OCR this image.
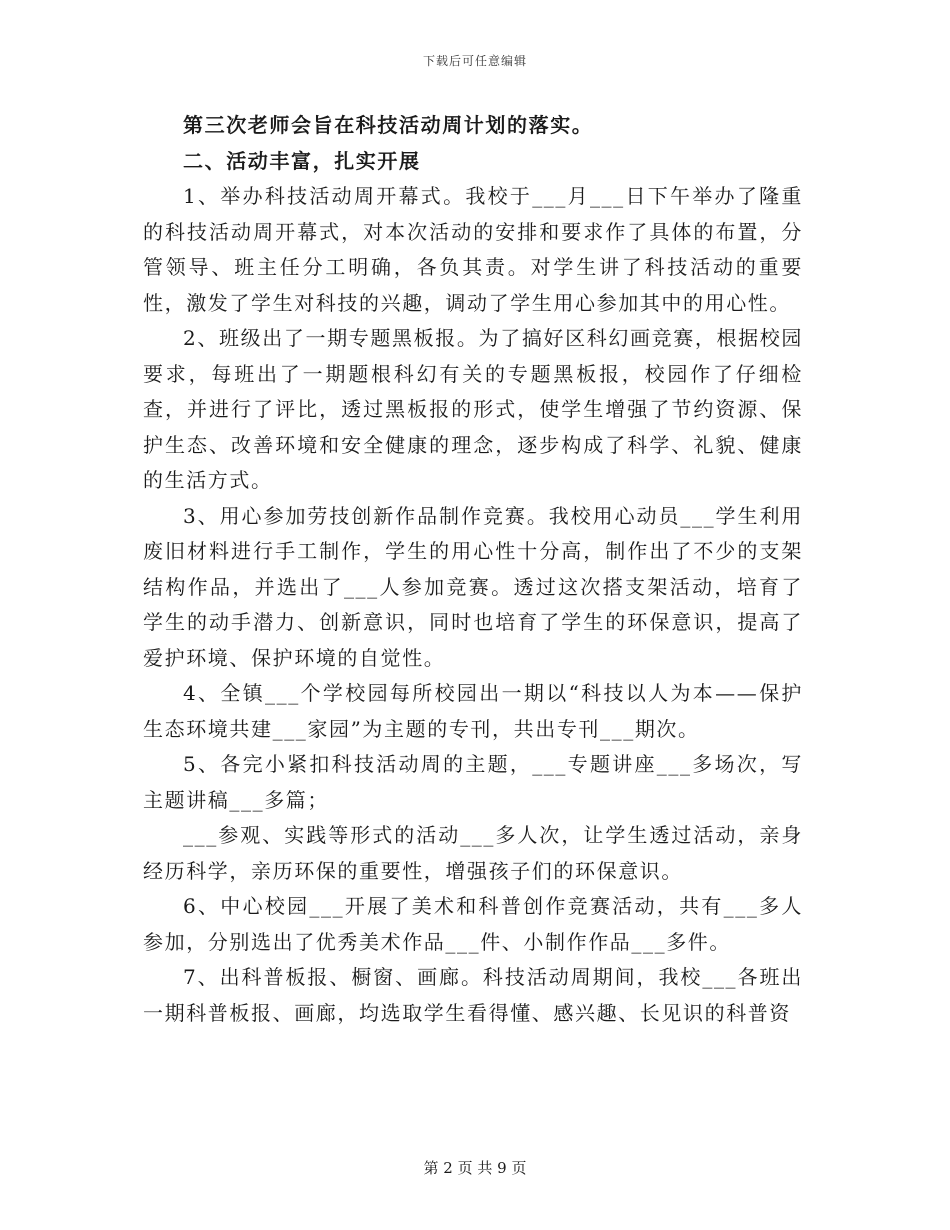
下载后可任意编辑

第三次老师会旨在科技活动周计划的落实。

二、活动丰富，扎实开展

1、举办科技活动周开幕式。我校于___月___日下午举办了隆重的科技活动周开幕式，对本次活动的安排和要求作了具体的布置，分管领导、班主任分工明确，各负其责。对学生讲了科技活动的重要性，激发了学生对科技的兴趣，调动了学生用心参加其中的用心性。

2、班级出了一期专题黑板报。为了搞好区科幻画竞赛，根据校园要求，每班出了一期题根科幻有关的专题黑板报，校园作了仔细检查，并进行了评比，透过黑板报的形式，使学生增强了节约资源、保护生态、改善环境和安全健康的理念，逐步构成了科学、礼貌、健康的生活方式。

3、用心参加劳技创新作品制作竞赛。我校用心动员___学生利用废旧材料进行手工制作，学生的用心性十分高，制作出了不少的支架结构作品，并选出了___人参加竞赛。透过这次搭支架活动，培育了学生的动手潜力、创新意识，同时也培育了学生的环保意识，提高了爱护环境、保护环境的自觉性。

4、全镇___个学校园每所校园出一期以“科技以人为本——保护生态环境共建___家园”为主题的专刊，共出专刊___期次。

5、各完小紧扣科技活动周的主题，___专题讲座___多场次，写主题讲稿___多篇；

___参观、实践等形式的活动___多人次，让学生透过活动，亲身经历科学，亲历环保的重要性，增强孩子们的环保意识。

6、中心校园___开展了美术和科普创作竞赛活动，共有___多人参加，分别选出了优秀美术作品___件、小制作作品___多件。

7、出科普板报、橱窗、画廊。科技活动周期间，我校___各班出一期科普板报、画廊，均选取学生看得懂、感兴趣、长见识的科普资

第 2 页 共 9 页
